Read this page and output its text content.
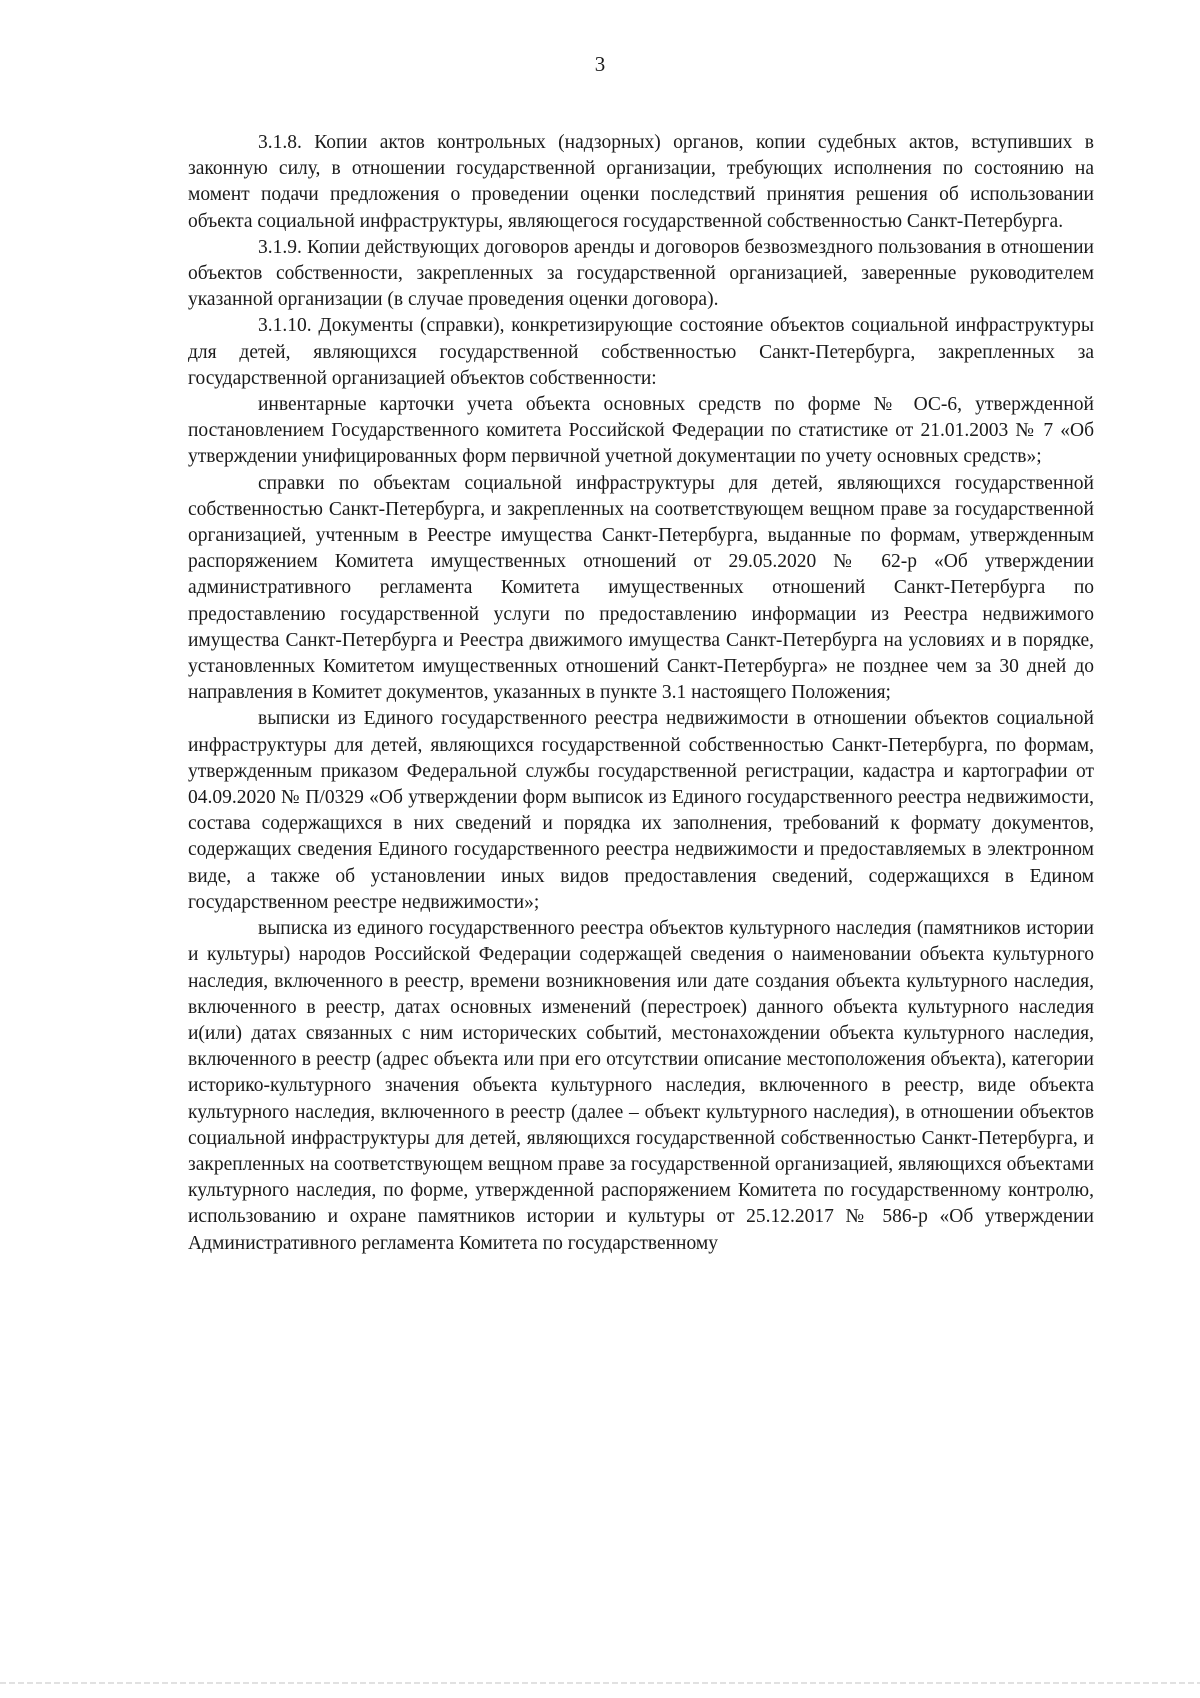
3

3.1.8. Копии актов контрольных (надзорных) органов, копии судебных актов, вступивших в законную силу, в отношении государственной организации, требующих исполнения по состоянию на момент подачи предложения о проведении оценки последствий принятия решения об использовании объекта социальной инфраструктуры, являющегося государственной собственностью Санкт-Петербурга.

3.1.9. Копии действующих договоров аренды и договоров безвозмездного пользования в отношении объектов собственности, закрепленных за государственной организацией, заверенные руководителем указанной организации (в случае проведения оценки договора).

3.1.10. Документы (справки), конкретизирующие состояние объектов социальной инфраструктуры для детей, являющихся государственной собственностью Санкт-Петербурга, закрепленных за государственной организацией объектов собственности:

инвентарные карточки учета объекта основных средств по форме № ОС-6, утвержденной постановлением Государственного комитета Российской Федерации по статистике от 21.01.2003 № 7 «Об утверждении унифицированных форм первичной учетной документации по учету основных средств»;

справки по объектам социальной инфраструктуры для детей, являющихся государственной собственностью Санкт-Петербурга, и закрепленных на соответствующем вещном праве за государственной организацией, учтенным в Реестре имущества Санкт-Петербурга, выданные по формам, утвержденным распоряжением Комитета имущественных отношений от 29.05.2020 № 62-р «Об утверждении административного регламента Комитета имущественных отношений Санкт-Петербурга по предоставлению государственной услуги по предоставлению информации из Реестра недвижимого имущества Санкт-Петербурга и Реестра движимого имущества Санкт-Петербурга на условиях и в порядке, установленных Комитетом имущественных отношений Санкт-Петербурга» не позднее чем за 30 дней до направления в Комитет документов, указанных в пункте 3.1 настоящего Положения;

выписки из Единого государственного реестра недвижимости в отношении объектов социальной инфраструктуры для детей, являющихся государственной собственностью Санкт-Петербурга, по формам, утвержденным приказом Федеральной службы государственной регистрации, кадастра и картографии от 04.09.2020 № П/0329 «Об утверждении форм выписок из Единого государственного реестра недвижимости, состава содержащихся в них сведений и порядка их заполнения, требований к формату документов, содержащих сведения Единого государственного реестра недвижимости и предоставляемых в электронном виде, а также об установлении иных видов предоставления сведений, содержащихся в Едином государственном реестре недвижимости»;

выписка из единого государственного реестра объектов культурного наследия (памятников истории и культуры) народов Российской Федерации содержащей сведения о наименовании объекта культурного наследия, включенного в реестр, времени возникновения или дате создания объекта культурного наследия, включенного в реестр, датах основных изменений (перестроек) данного объекта культурного наследия и(или) датах связанных с ним исторических событий, местонахождении объекта культурного наследия, включенного в реестр (адрес объекта или при его отсутствии описание местоположения объекта), категории историко-культурного значения объекта культурного наследия, включенного в реестр, виде объекта культурного наследия, включенного в реестр (далее – объект культурного наследия), в отношении объектов социальной инфраструктуры для детей, являющихся государственной собственностью Санкт-Петербурга, и закрепленных на соответствующем вещном праве за государственной организацией, являющихся объектами культурного наследия, по форме, утвержденной распоряжением Комитета по государственному контролю, использованию и охране памятников истории и культуры от 25.12.2017 № 586-р «Об утверждении Административного регламента Комитета по государственному
